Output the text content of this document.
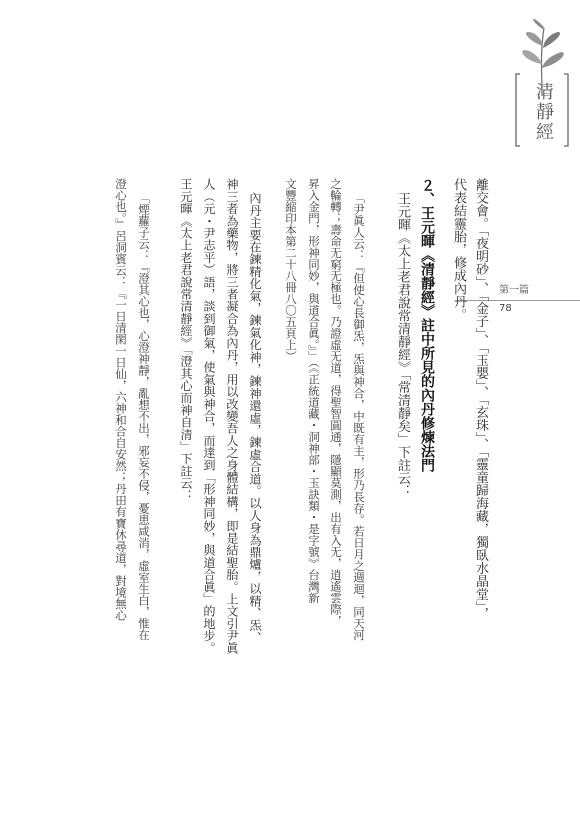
清靜經
第一篇
78
離交會。「夜明砂」、「金子」、「玉嬰」、「玄珠」、「靈童歸海藏，獨臥水晶堂」，
代表結靈胎，修成內丹。
２、王元暉《清靜經》註中所見的內丹修煉法門
王元暉《太上老君說常清靜經》「常清靜矣」下註云：
「尹眞人云：『但使心長御炁，炁與神合，中既有主，形乃長存。若日月之週迴，同天河
之輪轉；壽命无窮无極也。乃證虛无道，得聖智圓通，隱顯莫測，出有入无，逍遙雲際，
昇入金門，形神同妙，與道合眞。』」（《正統道藏・洞神部・玉訣類・是字號》台灣新
文豐縮印本第二十八冊八〇五頁上）
內丹主要在鍊精化氣，鍊氣化神，鍊神還虛，鍊虛合道。以人身為鼎爐，以精、炁、
神三者為藥物，將三者凝合為內丹，用以改變吾人之身體結構，即是結聖胎。上文引尹眞
人（元・尹志平）語，談到御氣，使氣與神合，而達到「形神同妙，與道合眞」的地步。
王元暉《太上老君說常清靜經》「澄其心而神自清」下註云：
「煙蘿子云：『澄其心也，心澄神靜，亂想不出，邪妄不侵，憂患咸消，虛室生白，惟在
澄心也。』呂洞賓云：『一日清閑一日仙，六神和合自安然；丹田有寶休尋道，對境無心
